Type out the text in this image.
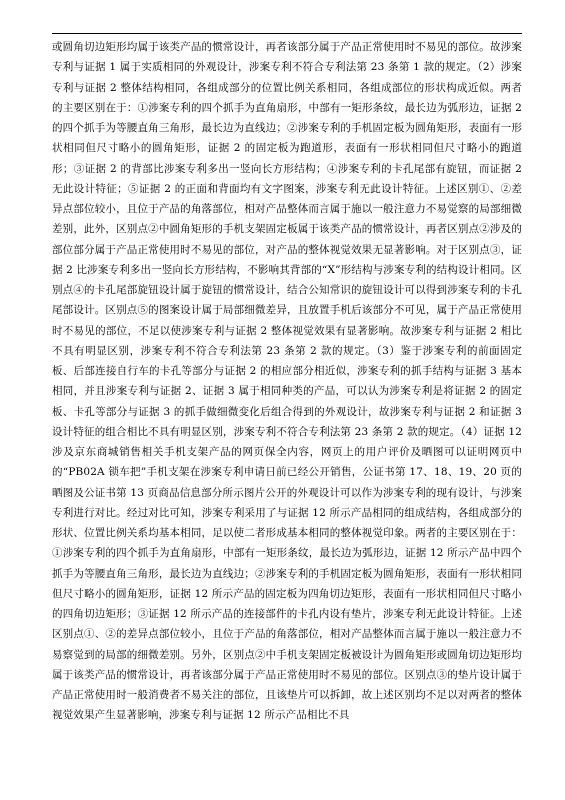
或圆角切边矩形均属于该类产品的惯常设计，再者该部分属于产品正常使用时不易见的部位。故涉案专利与证据 1 属于实质相同的外观设计，涉案专利不符合专利法第 23 条第 1 款的规定。（2）涉案专利与证据 2 整体结构相同，各组成部分的位置比例关系相同，各组成部位的形状构成近似。两者的主要区别在于：①涉案专利的四个抓手为直角扇形，中部有一矩形条纹，最长边为弧形边，证据 2 的四个抓手为等腰直角三角形，最长边为直线边；②涉案专利的手机固定板为圆角矩形，表面有一形状相同但尺寸略小的圆角矩形，证据 2 的固定板为跑道形，表面有一形状相同但尺寸略小的跑道形；③证据 2 的背部比涉案专利多出一竖向长方形结构；④涉案专利的卡孔尾部有旋钮，而证据 2 无此设计特征；⑤证据 2 的正面和背面均有文字图案，涉案专利无此设计特征。上述区别①、②差异点部位较小，且位于产品的角落部位，相对产品整体而言属于施以一般注意力不易觉察的局部细微差别，此外，区别点②中圆角矩形的手机支架固定板属于该类产品的惯常设计，再者区别点②涉及的部位部分属于产品正常使用时不易见的部位，对产品的整体视觉效果无显著影响。对于区别点③，证据 2 比涉案专利多出一竖向长方形结构，不影响其背部的“X”形结构与涉案专利的结构设计相同。区别点④的卡孔尾部旋钮设计属于旋钮的惯常设计，结合公知常识的旋钮设计可以得到涉案专利的卡孔尾部设计。区别点⑤的图案设计属于局部细微差异，且放置手机后该部分不可见，属于产品正常使用时不易见的部位，不足以使涉案专利与证据 2 整体视觉效果有显著影响。故涉案专利与证据 2 相比不具有明显区别，涉案专利不符合专利法第 23 条第 2 款的规定。（3）鉴于涉案专利的前面固定板、后部连接自行车的卡孔等部分与证据 2 的相应部分相近似，涉案专利的抓手结构与证据 3 基本相同，并且涉案专利与证据 2、证据 3 属于相同种类的产品，可以认为涉案专利是将证据 2 的固定板、卡孔等部分与证据 3 的抓手做细微变化后组合得到的外观设计，故涉案专利与证据 2 和证据 3 设计特征的组合相比不具有明显区别，涉案专利不符合专利法第 23 条第 2 款的规定。（4）证据 12 涉及京东商城销售相关手机支架产品的网页保全内容，网页上的用户评价及晒图可以证明网页中的“PB02A 锁车把”手机支架在涉案专利申请日前已经公开销售，公证书第 17、18、19、20 页的晒图及公证书第 13 页商品信息部分所示图片公开的外观设计可以作为涉案专利的现有设计，与涉案专利进行对比。经过对比可知，涉案专利采用了与证据 12 所示产品相同的组成结构，各组成部分的形状、位置比例关系均基本相同，足以使二者形成基本相同的整体视觉印象。两者的主要区别在于：①涉案专利的四个抓手为直角扇形，中部有一矩形条纹，最长边为弧形边，证据 12 所示产品中四个抓手为等腰直角三角形，最长边为直线边；②涉案专利的手机固定板为圆角矩形，表面有一形状相同但尺寸略小的圆角矩形，证据 12 所示产品的固定板为四角切边矩形，表面有一形状相同但尺寸略小的四角切边矩形；③证据 12 所示产品的连接部件的卡孔内设有垫片，涉案专利无此设计特征。上述区别点①、②的差异点部位较小，且位于产品的角落部位，相对产品整体而言属于施以一般注意力不易察觉到的局部的细微差别。另外，区别点②中手机支架固定板被设计为圆角矩形或圆角切边矩形均属于该类产品的惯常设计，再者该部分属于产品正常使用时不易见的部位。区别点③的垫片设计属于产品正常使用时一般消费者不易关注的部位，且该垫片可以拆卸，故上述区别均不足以对两者的整体视觉效果产生显著影响，涉案专利与证据 12 所示产品相比不具
